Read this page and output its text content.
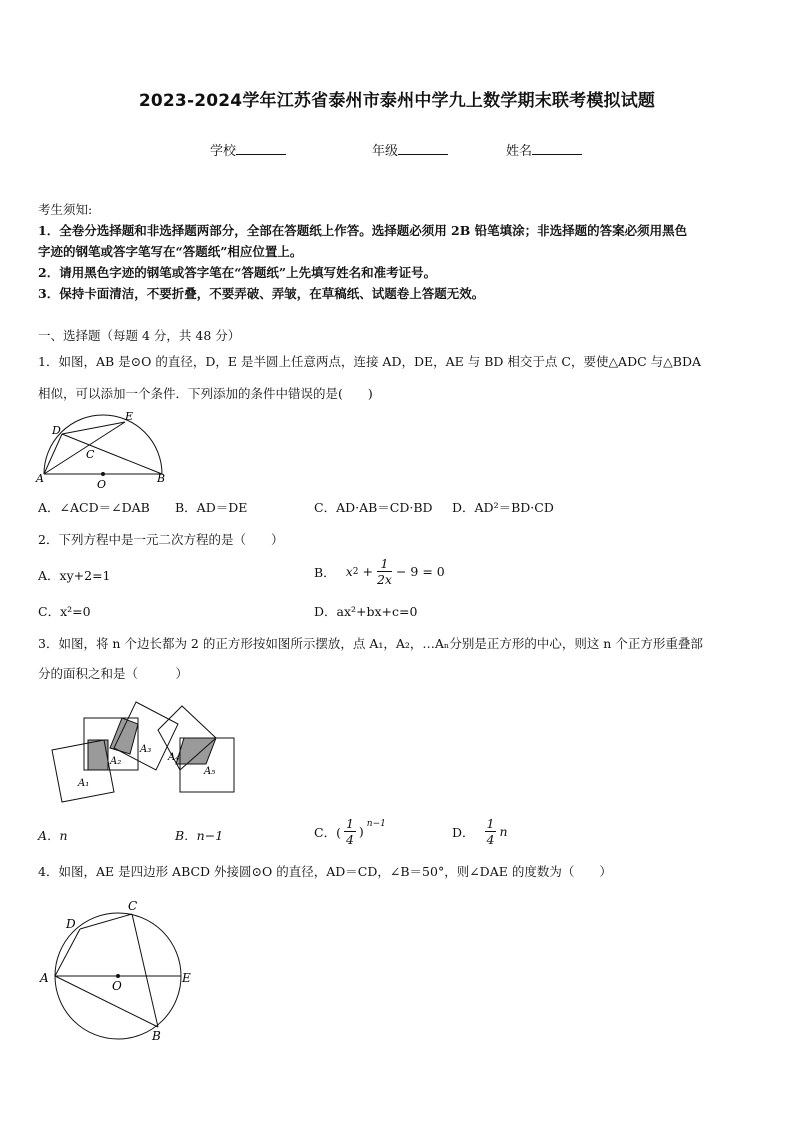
2023-2024学年江苏省泰州市泰州中学九上数学期末联考模拟试题
学校	年级	姓名
考生须知:
1．全卷分选择题和非选择题两部分，全部在答题纸上作答。选择题必须用 2B 铅笔填涂；非选择题的答案必须用黑色
字迹的钢笔或答字笔写在“答题纸”相应位置上。
2．请用黑色字迹的钢笔或答字笔在“答题纸”上先填写姓名和准考证号。
3．保持卡面清洁，不要折叠，不要弄破、弄皱，在草稿纸、试题卷上答题无效。
一、选择题（每题 4 分，共 48 分）
1．如图，AB 是⊙O 的直径，D，E 是半圆上任意两点，连接 AD，DE，AE 与 BD 相交于点 C，要使△ADC 与△BDA
相似，可以添加一个条件．下列添加的条件中错误的是(　　)
A	B
C
D
E
O
A．∠ACD＝∠DAB B．AD＝DE	C．AD·AB＝CD·BD D．AD²＝BD·CD
2．下列方程中是一元二次方程的是（　　）
A．xy+2=1	B． x $2 + \frac{1}{2x} - 9 = 0$
C．x²=0	D．ax²+bx+c=0
3．如图，将 n 个边长都为 2 的正方形按如图所示摆放，点 A₁，A₂，…Aₙ分别是正方形的中心，则这 n 个正方形重叠部
分的面积之和是（　　　）
A₁
A₂
A₃
A₄
A₅
A．n	B．n−1	C．( $\frac{1}{4}$ )
$^{n-1}$
D． $\frac{1}{4}$ n
4．如图，AE 是四边形 ABCD 外接圆⊙O 的直径，AD＝CD，∠B＝50°，则∠DAE 的度数为（　　）
A
B
C
D
E
O
